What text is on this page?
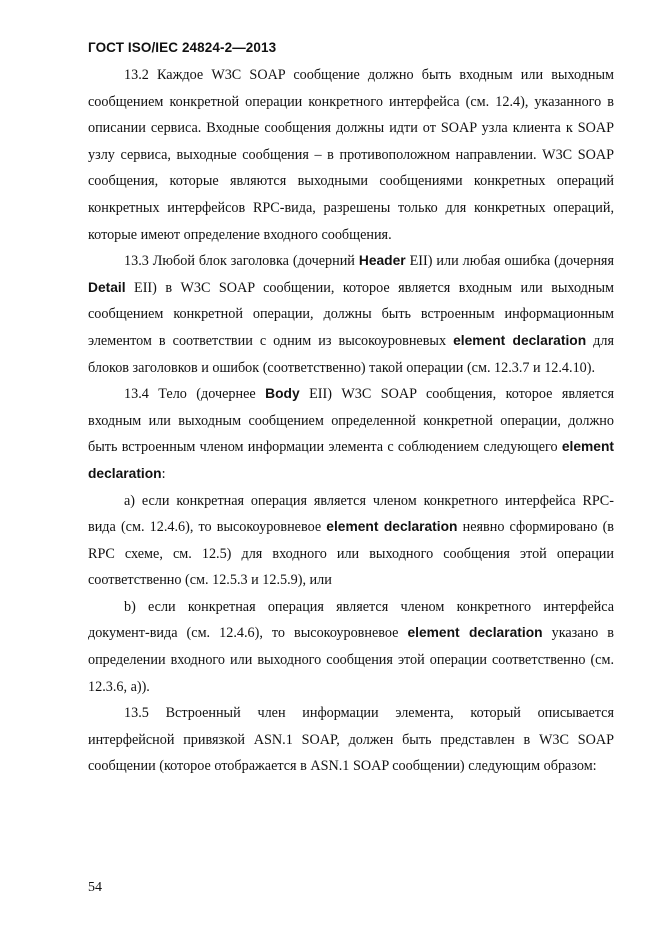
ГОСТ ISO/IEC 24824-2—2013

13.2 Каждое W3C SOAP сообщение должно быть входным или выходным сообщением конкретной операции конкретного интерфейса (см. 12.4), указанного в описании сервиса. Входные сообщения должны идти от SOAP узла клиента к SOAP узлу сервиса, выходные сообщения – в противоположном направлении. W3C SOAP сообщения, которые являются выходными сообщениями конкретных операций конкретных интерфейсов RPC-вида, разрешены только для конкретных операций, которые имеют определение входного сообщения.

13.3 Любой блок заголовка (дочерний Header EII) или любая ошибка (дочерняя Detail EII) в W3C SOAP сообщении, которое является входным или выходным сообщением конкретной операции, должны быть встроенным информационным элементом в соответствии с одним из высокоуровневых element declaration для блоков заголовков и ошибок (соответственно) такой операции (см. 12.3.7 и 12.4.10).

13.4 Тело (дочернее Body EII) W3C SOAP сообщения, которое является входным или выходным сообщением определенной конкретной операции, должно быть встроенным членом информации элемента с соблюдением следующего element declaration:

a) если конкретная операция является членом конкретного интерфейса RPC-вида (см. 12.4.6), то высокоуровневое element declaration неявно сформировано (в RPC схеме, см. 12.5) для входного или выходного сообщения этой операции соответственно (см. 12.5.3 и 12.5.9), или

b) если конкретная операция является членом конкретного интерфейса документ-вида (см. 12.4.6), то высокоуровневое element declaration указано в определении входного или выходного сообщения этой операции соответственно (см. 12.3.6, a)).

13.5 Встроенный член информации элемента, который описывается интерфейсной привязкой ASN.1 SOAP, должен быть представлен в W3C SOAP сообщении (которое отображается в ASN.1 SOAP сообщении) следующим образом:

54
